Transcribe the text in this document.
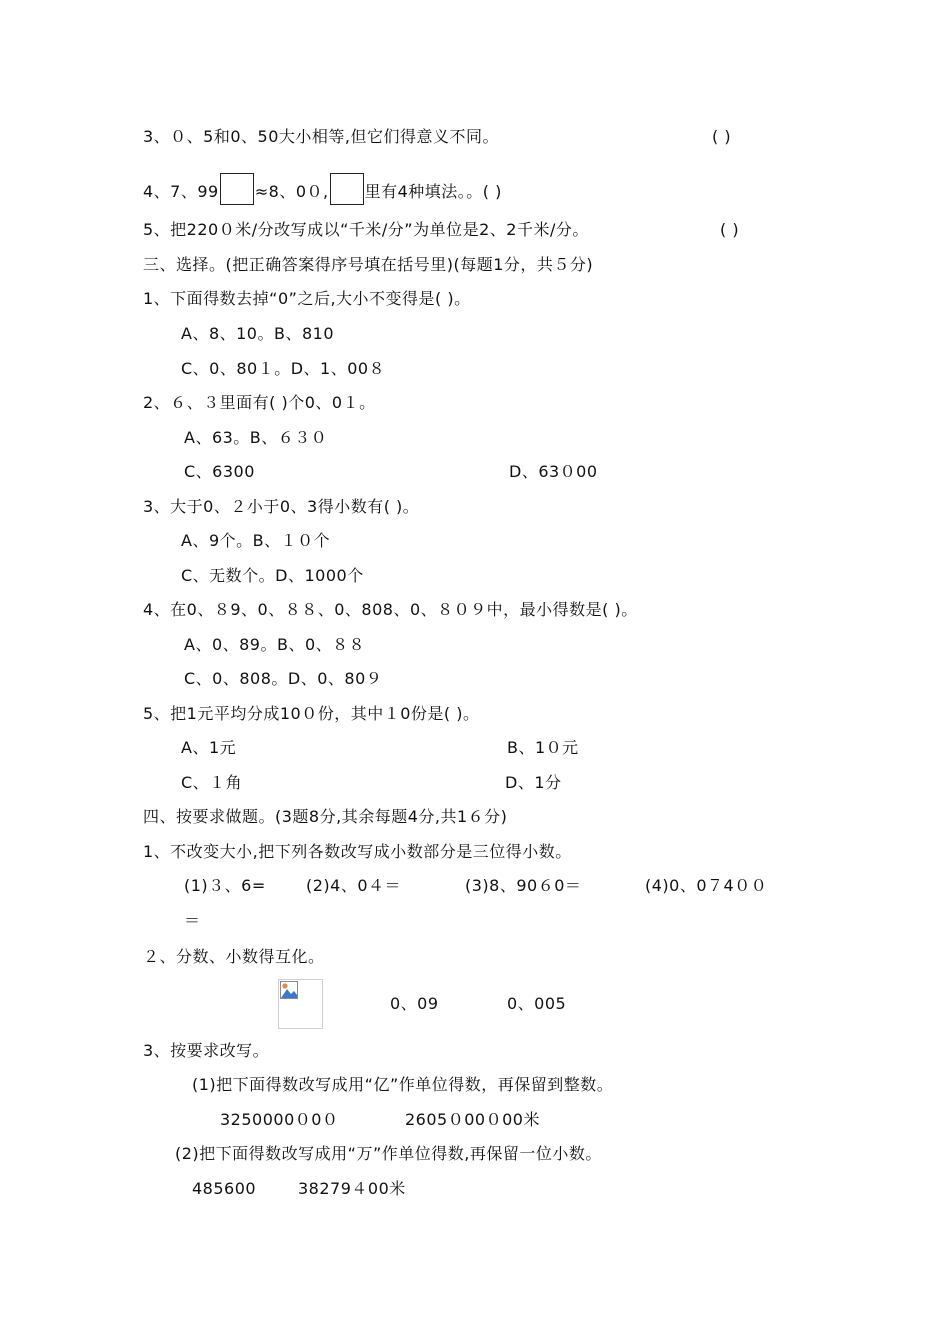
3、０、5和0、50大小相等,但它们得意义不同。	( )
4、7、99 ≈8、0０, 里有4种填法。。( )
5、把220０米/分改写成以“千米/分”为单位是2、2千米/分。	( )
三、选择。(把正确答案得序号填在括号里)(每题1分，共５分)
1、下面得数去掉“0”之后,大小不变得是( )。
A、8、10。B、810
C、0、80１。D、1、00８
2、６、３里面有( )个0、0１。
A、63。B、６３０
C、6300	D、63０00
3、大于0、２小于0、3得小数有( )。
A、9个。B、１０个
C、无数个。D、1000个
4、在0、８9、0、８８、0、808、0、８０９中，最小得数是( )。
A、0、89。B、0、８８
C、0、808。D、0、80９
5、把1元平均分成10０份，其中１0份是( )。
A、1元	B、1０元
C、１角	D、1分
四、按要求做题。(3题8分,其余每题4分,共1６分)
1、不改变大小,把下列各数改写成小数部分是三位得小数。
(1)３、6=	(2)4、0４＝	(3)8、90６0＝	(4)0、0７4００
＝
２、分数、小数得互化。
0、09	0、005
3、按要求改写。
(1)把下面得数改写成用“亿”作单位得数，再保留到整数。
3250000０0０	2605０00０00米
(2)把下面得数改写成用“万”作单位得数,再保留一位小数。
485600	38279４00米
